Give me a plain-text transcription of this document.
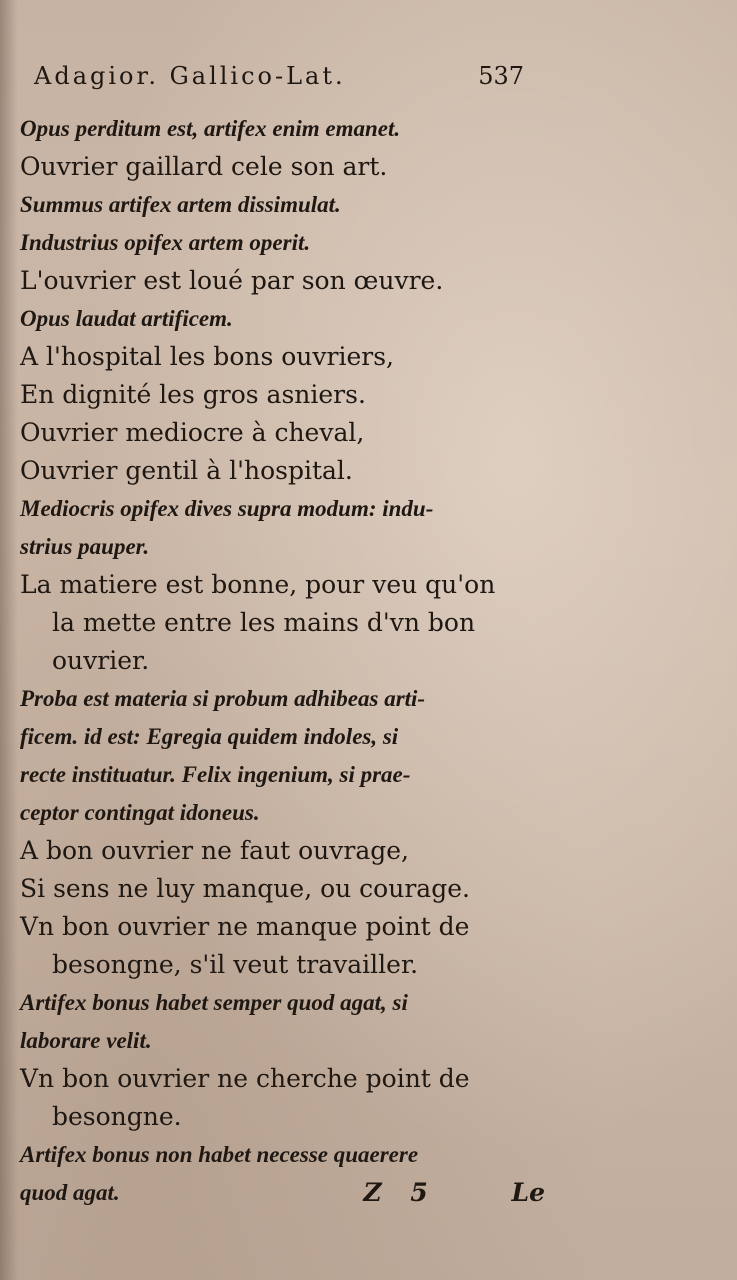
Adagior. Gallico-Lat.	537
Opus perditum est, artifex enim emanet.
Ouvrier gaillard cele son art.
Summus artifex artem dissimulat.
Industrius opifex artem operit.
L'ouvrier est loué par son œuvre.
Opus laudat artificem.
A l'hospital les bons ouvriers,
En dignité les gros asniers.
Ouvrier mediocre à cheval,
Ouvrier gentil à l'hospital.
Mediocris opifex dives supra modum: indu-
strius pauper.
La matiere est bonne, pour veu qu'on
la mette entre les mains d'vn bon
ouvrier.
Proba est materia si probum adhibeas arti-
ficem. id est: Egregia quidem indoles, si
recte instituatur. Felix ingenium, si prae-
ceptor contingat idoneus.
A bon ouvrier ne faut ouvrage,
Si sens ne luy manque, ou courage.
Vn bon ouvrier ne manque point de
besongne, s'il veut travailler.
Artifex bonus habet semper quod agat, si
laborare velit.
Vn bon ouvrier ne cherche point de
besongne.
Artifex bonus non habet necesse quaerere
quod agat.	Z 5	Le
